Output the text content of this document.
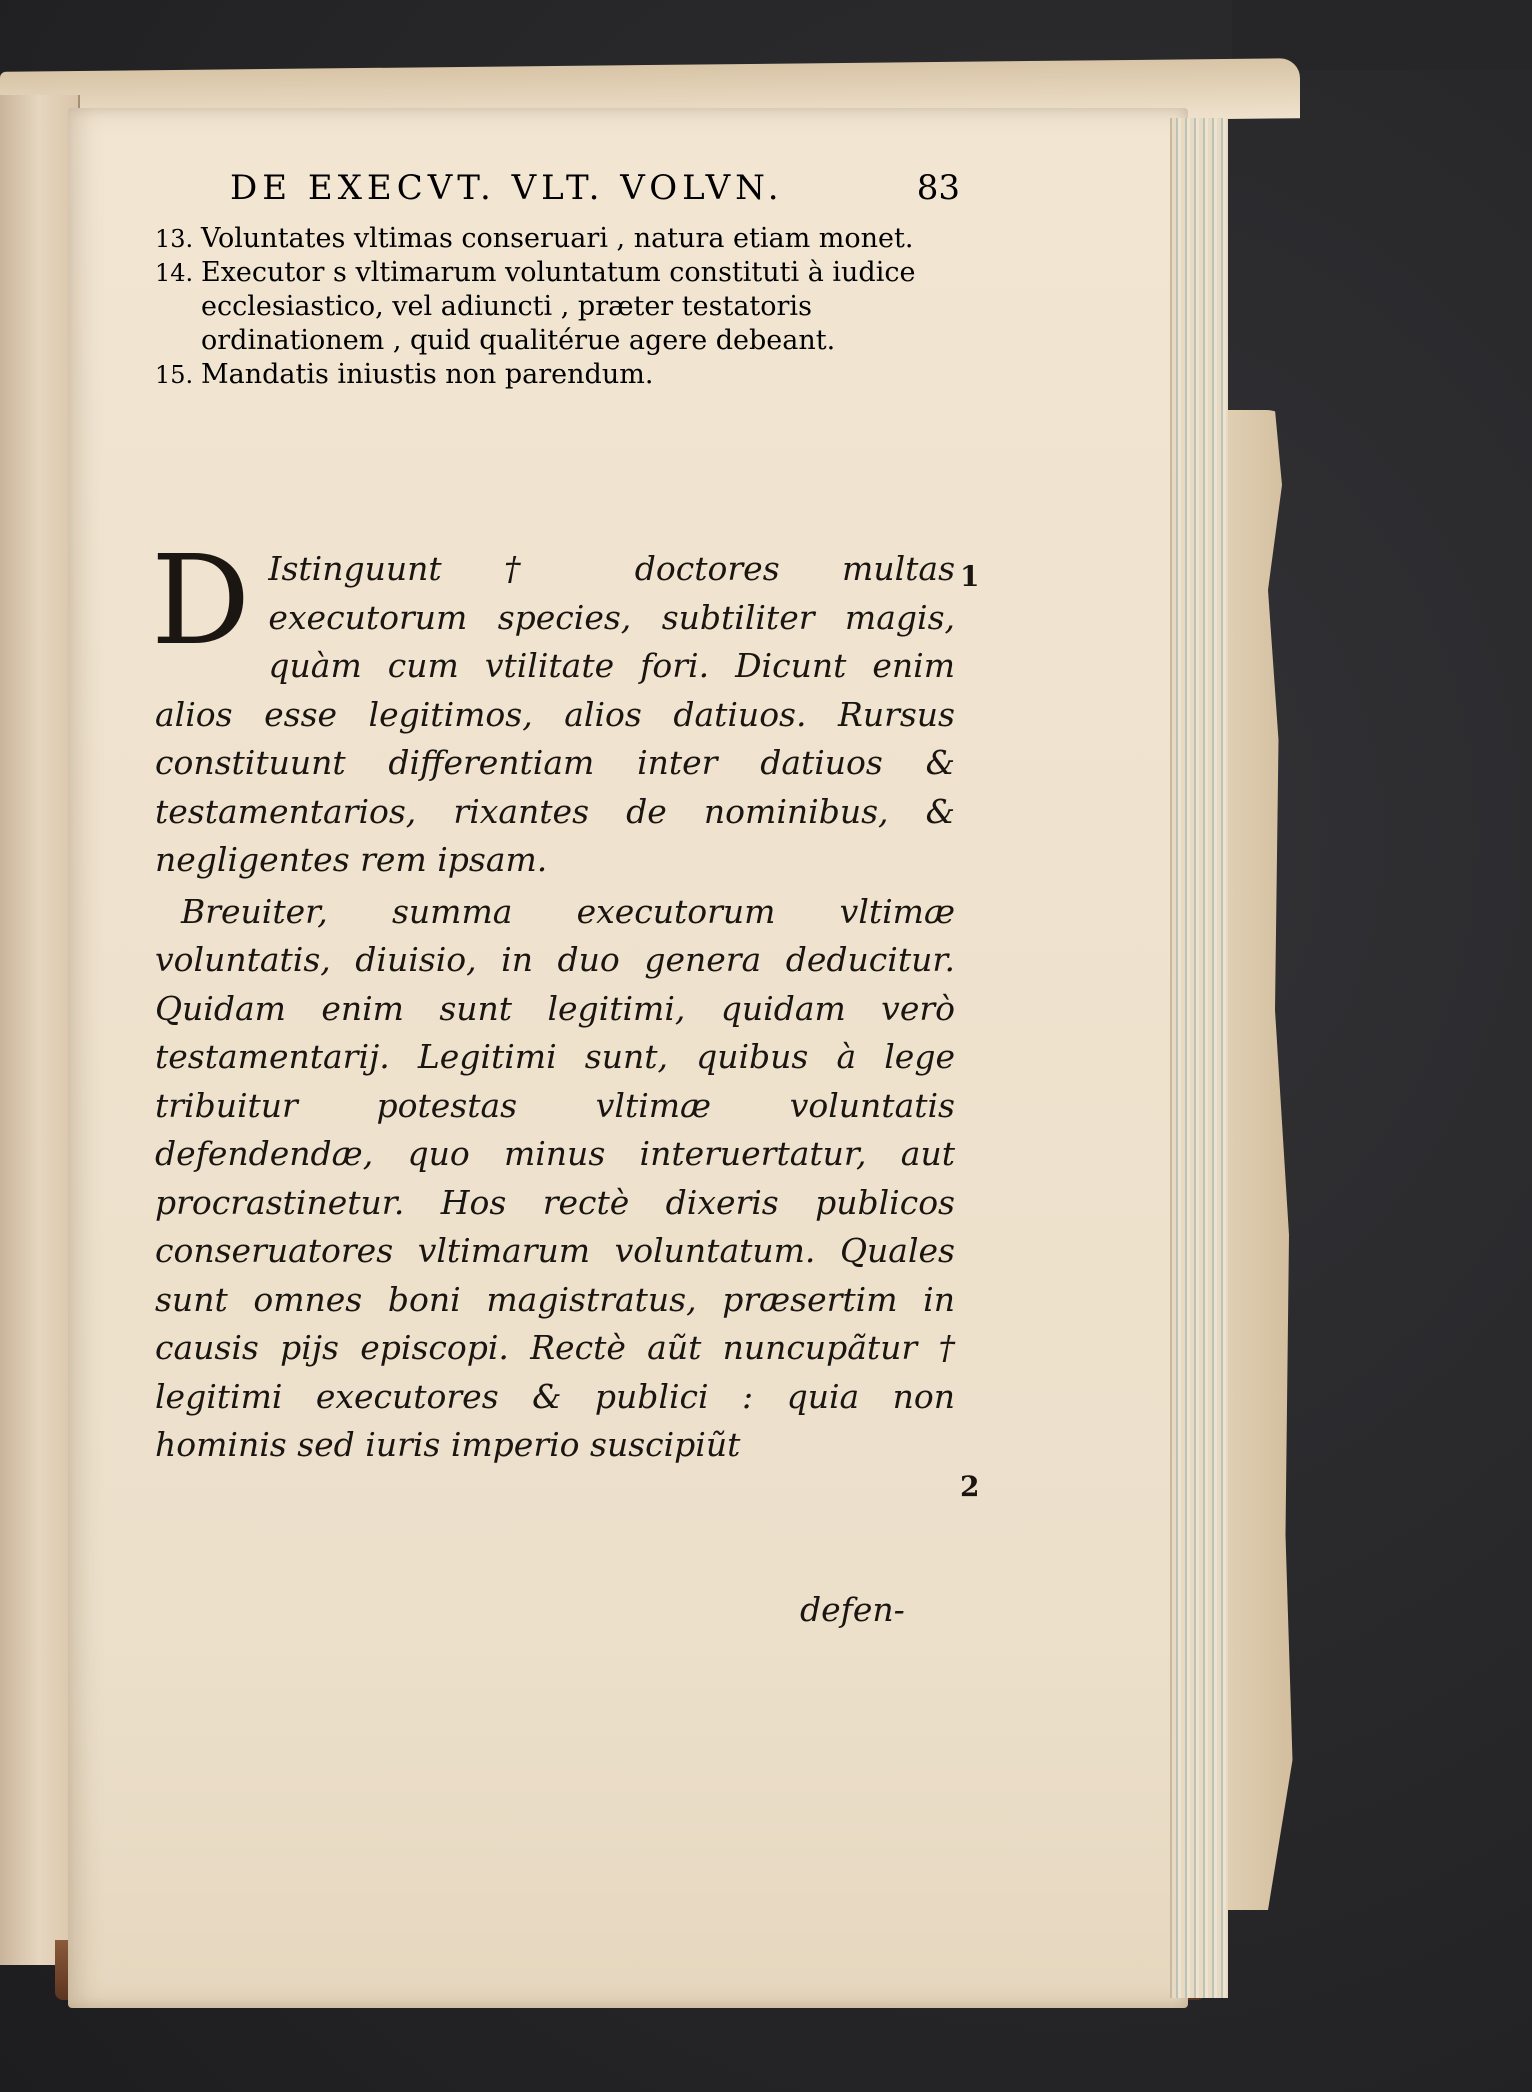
DE EXECVT. VLT. VOLVN.	83

13. Voluntates vltimas conseruari , natura etiam monet.

14. Executor s vltimarum voluntatum constituti à iudice ecclesiastico, vel adiuncti , præter testatoris ordinationem , quid qualitérue agere debeant.

15. Mandatis iniustis non parendum.

D Istinguunt † doctores multas executorum species, subtiliter magis, quàm cum vtilitate fori. Dicunt enim alios esse legitimos, alios datiuos. Rursus constituunt differentiam inter datiuos & testamentarios, rixantes de nominibus, & negligentes rem ipsam.

Breuiter, summa executorum vltimæ voluntatis, diuisio, in duo genera deducitur. Quidam enim sunt legitimi, quidam verò testamentarij. Legitimi sunt, quibus à lege tribuitur potestas vltimæ voluntatis defendendæ, quo minus interuertatur, aut procrastinetur. Hos rectè dixeris publicos conseruatores vltimarum voluntatum. Quales sunt omnes boni magistratus, præsertim in causis pijs episcopi. Rectè aũt nuncupãtur † legitimi executores & publici : quia non hominis sed iuris imperio suscipiũt

defen-
1
2
